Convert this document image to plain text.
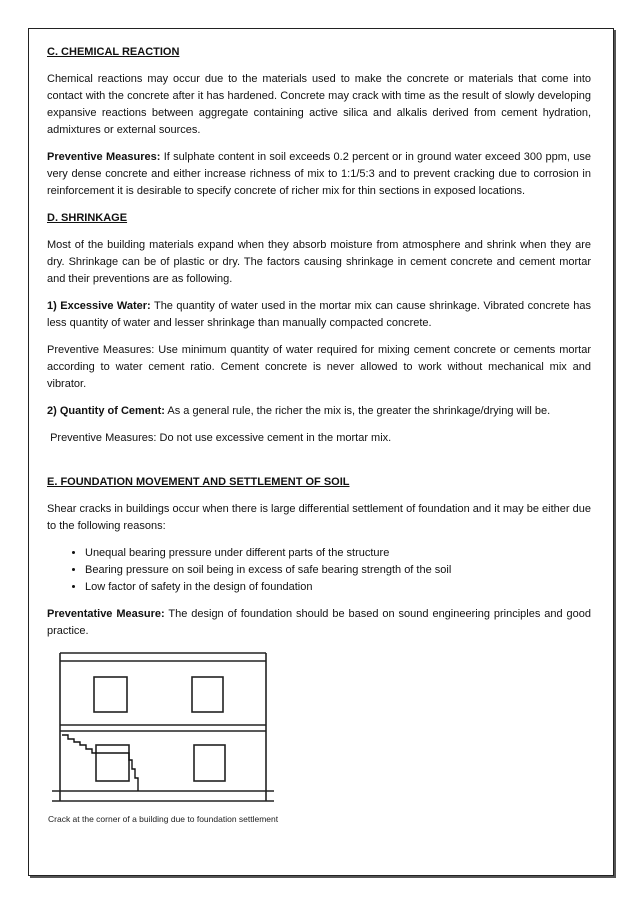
C. CHEMICAL REACTION

Chemical reactions may occur due to the materials used to make the concrete or materials that come into contact with the concrete after it has hardened. Concrete may crack with time as the result of slowly developing expansive reactions between aggregate containing active silica and alkalis derived from cement hydration, admixtures or external sources.

Preventive Measures: If sulphate content in soil exceeds 0.2 percent or in ground water exceed 300 ppm, use very dense concrete and either increase richness of mix to 1:1/5:3 and to prevent cracking due to corrosion in reinforcement it is desirable to specify concrete of richer mix for thin sections in exposed locations.

D. SHRINKAGE

Most of the building materials expand when they absorb moisture from atmosphere and shrink when they are dry. Shrinkage can be of plastic or dry. The factors causing shrinkage in cement concrete and cement mortar and their preventions are as following.

1) Excessive Water: The quantity of water used in the mortar mix can cause shrinkage. Vibrated concrete has less quantity of water and lesser shrinkage than manually compacted concrete.

Preventive Measures: Use minimum quantity of water required for mixing cement concrete or cements mortar according to water cement ratio. Cement concrete is never allowed to work without mechanical mix and vibrator.

2) Quantity of Cement: As a general rule, the richer the mix is, the greater the shrinkage/drying will be.

Preventive Measures: Do not use excessive cement in the mortar mix.

E. FOUNDATION MOVEMENT AND SETTLEMENT OF SOIL

Shear cracks in buildings occur when there is large differential settlement of foundation and it may be either due to the following reasons:

• Unequal bearing pressure under different parts of the structure
• Bearing pressure on soil being in excess of safe bearing strength of the soil
• Low factor of safety in the design of foundation

Preventative Measure: The design of foundation should be based on sound engineering principles and good practice.

Crack at the corner of a building due to foundation settlement
